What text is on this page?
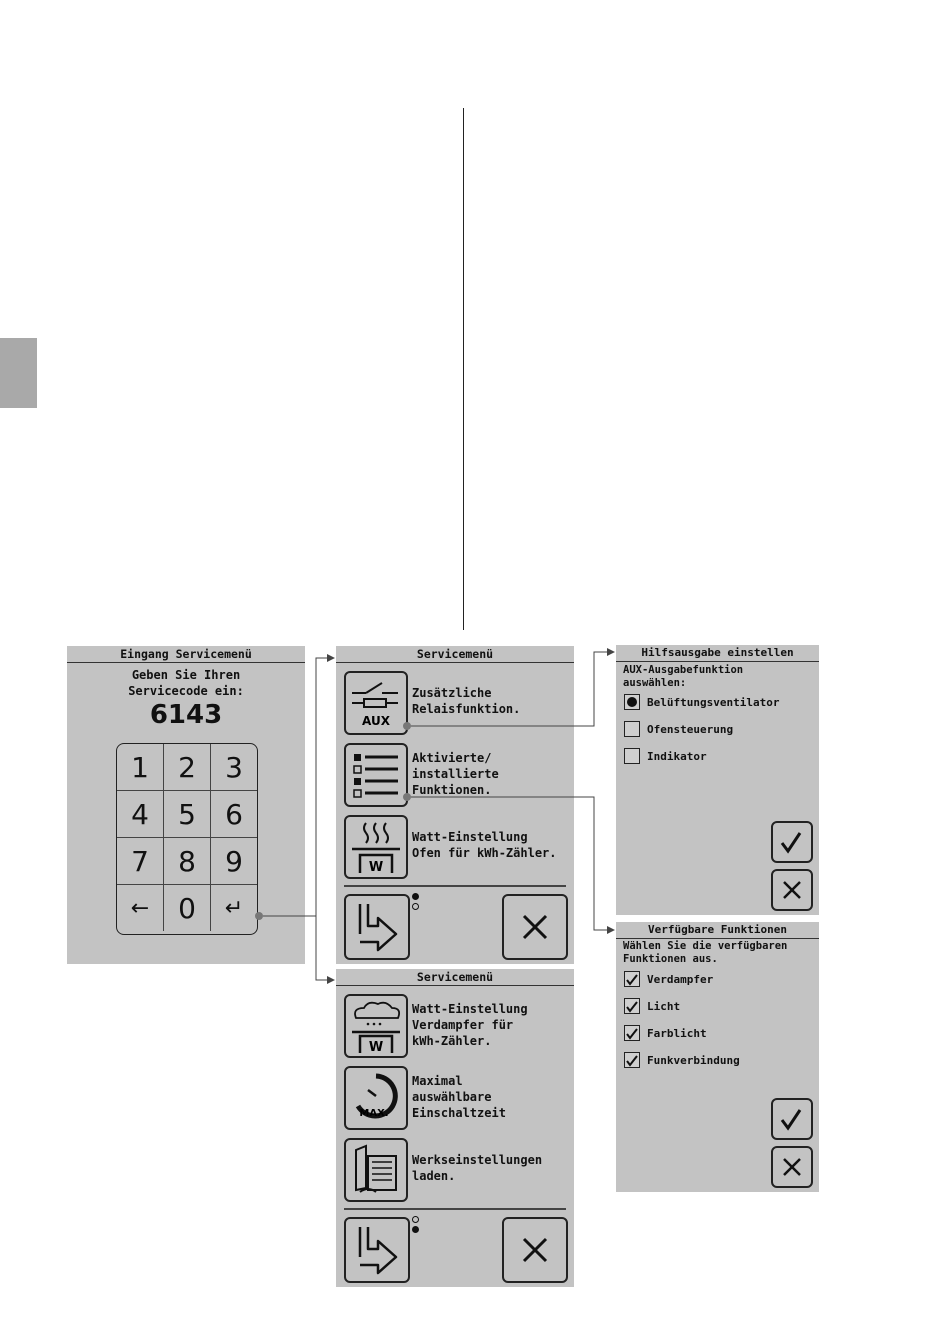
Eingang Servicemenü
Geben Sie Ihren
Servicecode ein:
6143
1	2	3
4	5	6
7	8	9
←	0	↵
Servicemenü
AUX
Zusätzliche
Relaisfunktion.
Aktivierte/
installierte
Funktionen.
W
Watt-Einstellung
Ofen für kWh-Zähler.
Servicemenü
W
Watt-Einstellung
Verdampfer für
kWh-Zähler.
MAX.
Maximal
auswählbare
Einschaltzeit
Werkseinstellungen
laden.
Hilfsausgabe einstellen
AUX-Ausgabefunktion
auswählen:
Belüftungsventilator
Ofensteuerung
Indikator
Verfügbare Funktionen
Wählen Sie die verfügbaren
Funktionen aus.
Verdampfer
Licht
Farblicht
Funkverbindung
